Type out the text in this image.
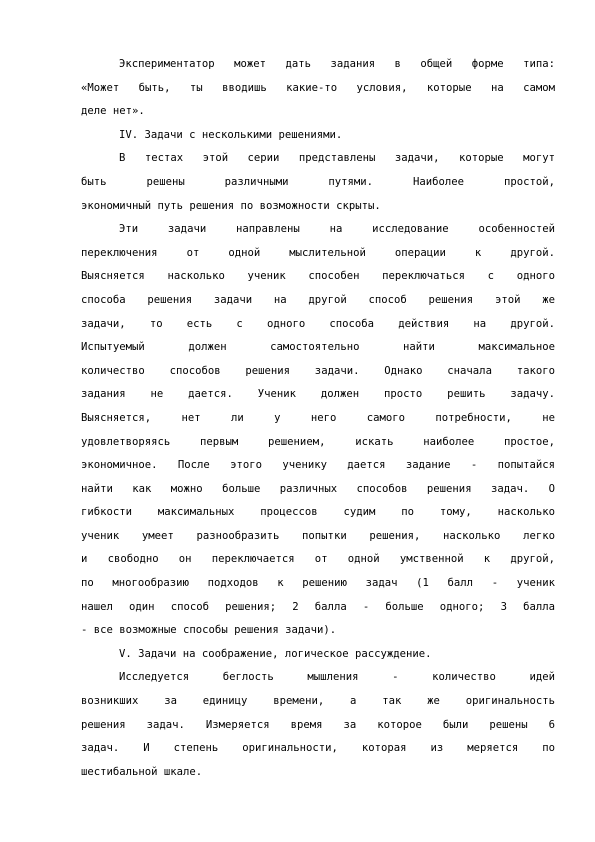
Экспериментатор может дать задания в общей форме типа:
«Может быть, ты вводишь какие-то условия, которые на самом
деле нет».
IV. Задачи с несколькими решениями.
В тестах этой серии представлены задачи, которые могут
быть решены различными путями. Наиболее простой,
экономичный путь решения по возможности скрыты.
Эти задачи направлены на исследование особенностей
переключения от одной мыслительной операции к другой.
Выясняется насколько ученик способен переключаться с одного
способа решения задачи на другой способ решения этой же
задачи, то есть с одного способа действия на другой.
Испытуемый должен самостоятельно найти максимальное
количество способов решения задачи. Однако сначала такого
задания не дается. Ученик должен просто решить задачу.
Выясняется, нет ли у него самого потребности, не
удовлетворяясь первым решением, искать наиболее простое,
экономичное. После этого ученику дается задание - попытайся
найти как можно больше различных способов решения задач. О
гибкости максимальных процессов судим по тому, насколько
ученик умеет разнообразить попытки решения, насколько легко
и свободно он переключается от одной умственной к другой,
по многообразию подходов к решению задач (1 балл - ученик
нашел один способ решения; 2 балла - больше одного; 3 балла
- все возможные способы решения задачи).
V. Задачи на соображение, логическое рассуждение.
Исследуется беглость мышления - количество идей
возникших за единицу времени, а так же оригинальность
решения задач. Измеряется время за которое были решены 6
задач. И степень оригинальности, которая из меряется по
шестибальной шкале.
